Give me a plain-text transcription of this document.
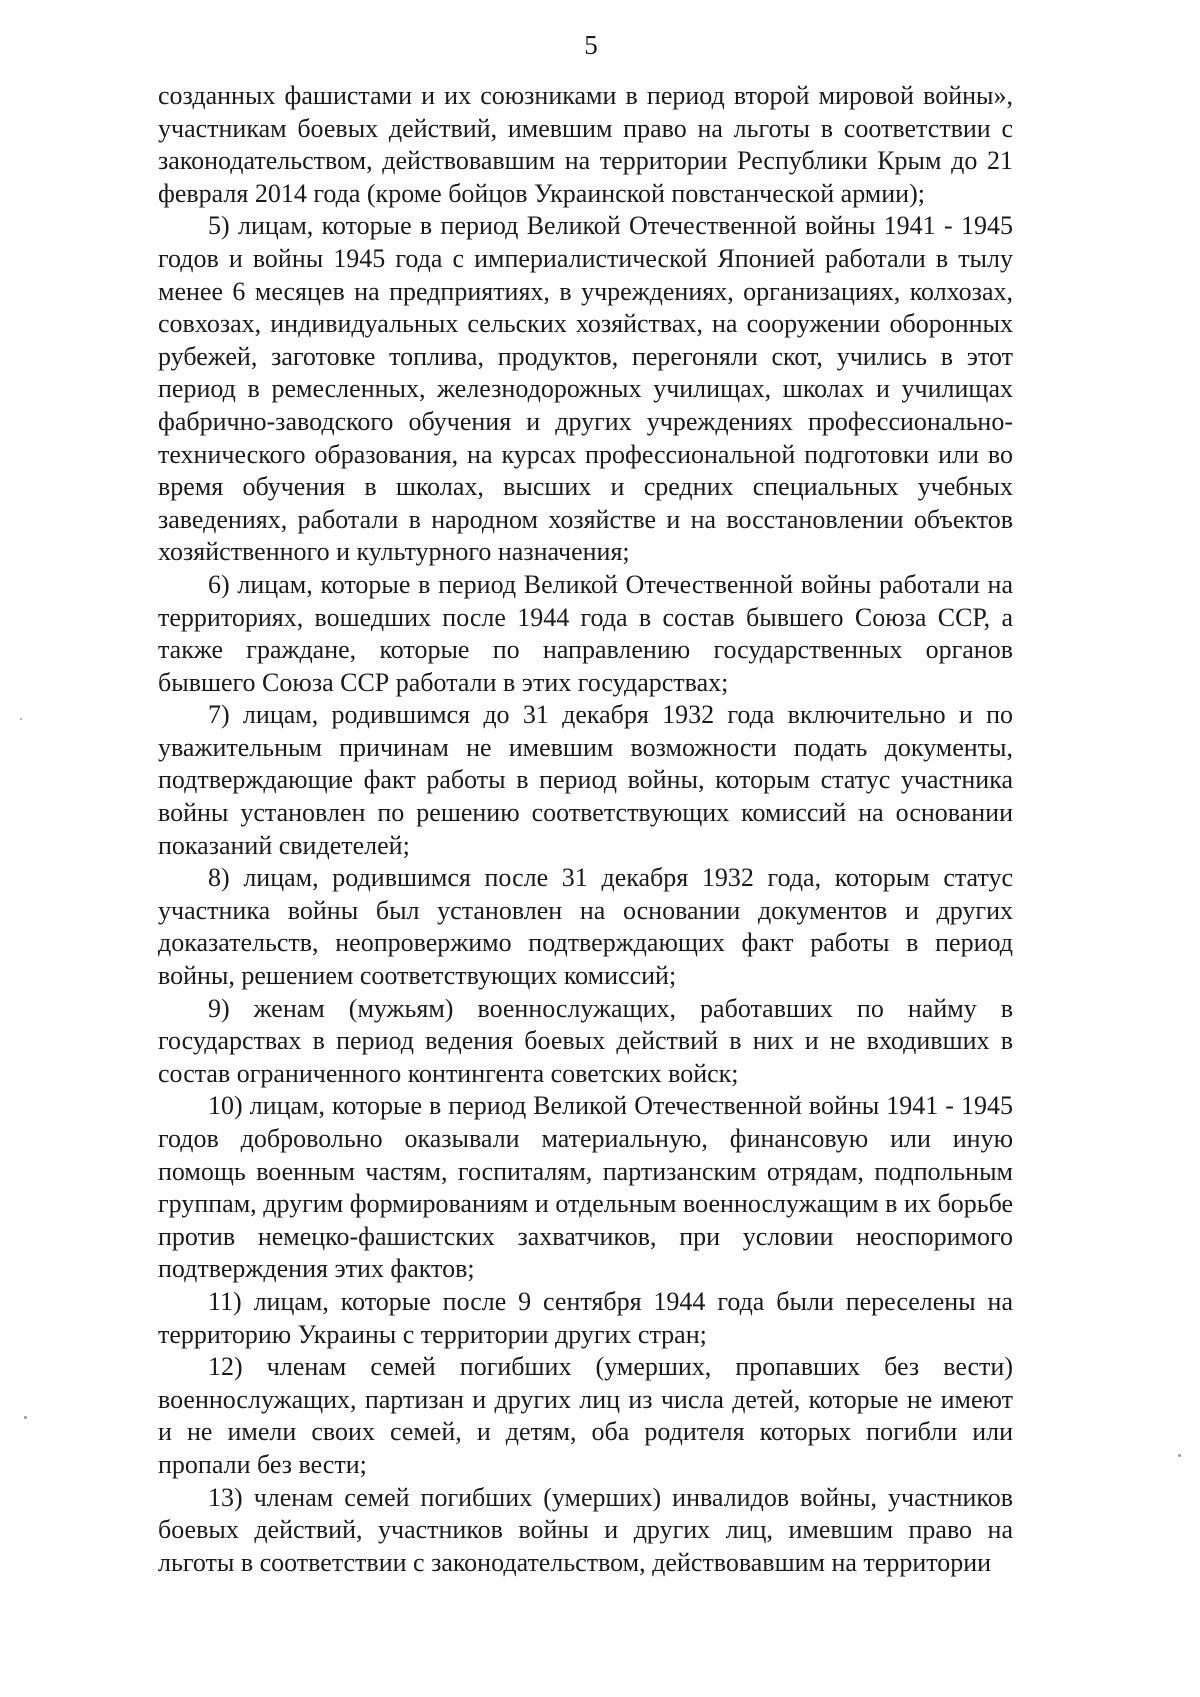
5

созданных фашистами и их союзниками в период второй мировой войны», участникам боевых действий, имевшим право на льготы в соответствии с законодательством, действовавшим на территории Республики Крым до 21 февраля 2014 года (кроме бойцов Украинской повстанческой армии);

5) лицам, которые в период Великой Отечественной войны 1941 - 1945 годов и войны 1945 года с империалистической Японией работали в тылу менее 6 месяцев на предприятиях, в учреждениях, организациях, колхозах, совхозах, индивидуальных сельских хозяйствах, на сооружении оборонных рубежей, заготовке топлива, продуктов, перегоняли скот, учились в этот период в ремесленных, железнодорожных училищах, школах и училищах фабрично-заводского обучения и других учреждениях профессионально-технического образования, на курсах профессиональной подготовки или во время обучения в школах, высших и средних специальных учебных заведениях, работали в народном хозяйстве и на восстановлении объектов хозяйственного и культурного назначения;

6) лицам, которые в период Великой Отечественной войны работали на территориях, вошедших после 1944 года в состав бывшего Союза ССР, а также граждане, которые по направлению государственных органов бывшего Союза ССР работали в этих государствах;

7) лицам, родившимся до 31 декабря 1932 года включительно и по уважительным причинам не имевшим возможности подать документы, подтверждающие факт работы в период войны, которым статус участника войны установлен по решению соответствующих комиссий на основании показаний свидетелей;

8) лицам, родившимся после 31 декабря 1932 года, которым статус участника войны был установлен на основании документов и других доказательств, неопровержимо подтверждающих факт работы в период войны, решением соответствующих комиссий;

9) женам (мужьям) военнослужащих, работавших по найму в государствах в период ведения боевых действий в них и не входивших в состав ограниченного контингента советских войск;

10) лицам, которые в период Великой Отечественной войны 1941 - 1945 годов добровольно оказывали материальную, финансовую или иную помощь военным частям, госпиталям, партизанским отрядам, подпольным группам, другим формированиям и отдельным военнослужащим в их борьбе против немецко-фашистских захватчиков, при условии неоспоримого подтверждения этих фактов;

11) лицам, которые после 9 сентября 1944 года были переселены на территорию Украины с территории других стран;

12) членам семей погибших (умерших, пропавших без вести) военнослужащих, партизан и других лиц из числа детей, которые не имеют и не имели своих семей, и детям, оба родителя которых погибли или пропали без вести;

13) членам семей погибших (умерших) инвалидов войны, участников боевых действий, участников войны и других лиц, имевшим право на льготы в соответствии с законодательством, действовавшим на территории
